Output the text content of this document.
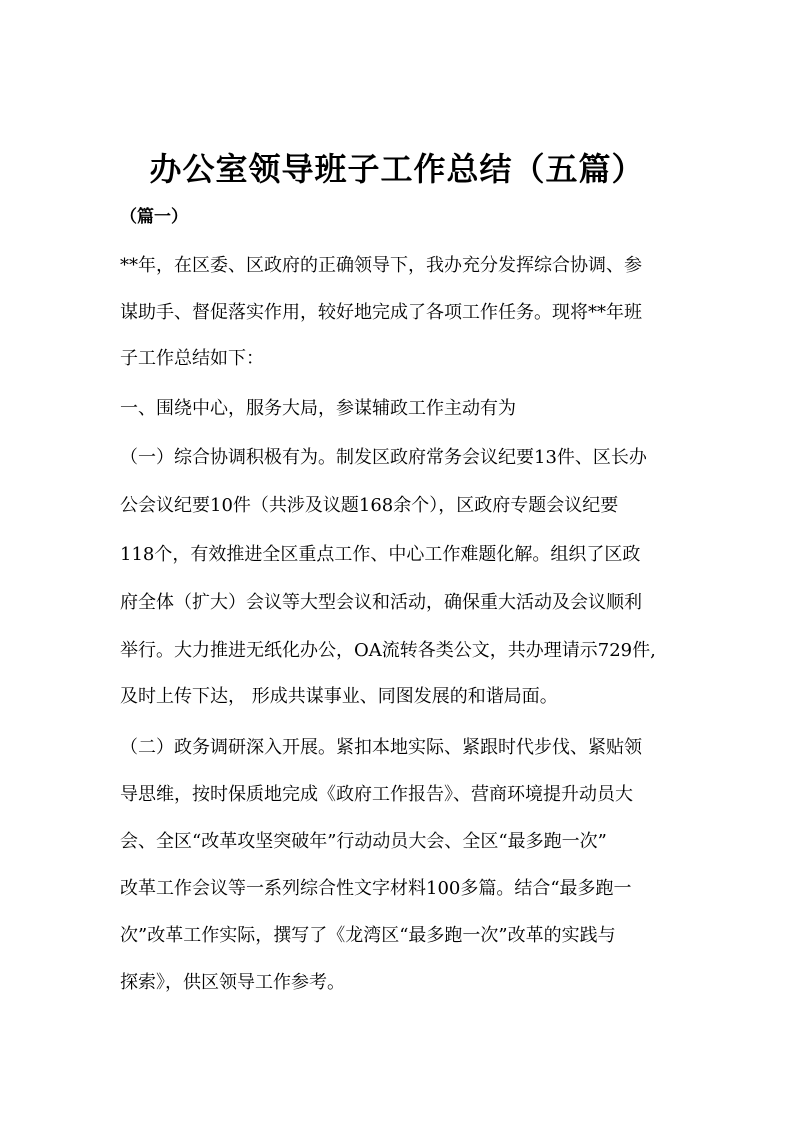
办公室领导班子工作总结（五篇）
（篇一）
**年，在区委、区政府的正确领导下，我办充分发挥综合协调、参
谋助手、督促落实作用，较好地完成了各项工作任务。现将**年班
子工作总结如下：
一、围绕中心，服务大局，参谋辅政工作主动有为
（一）综合协调积极有为。制发区政府常务会议纪要13件、区长办
公会议纪要10件（共涉及议题168余个），区政府专题会议纪要
118个，有效推进全区重点工作、中心工作难题化解。组织了区政
府全体（扩大）会议等大型会议和活动，确保重大活动及会议顺利
举行。大力推进无纸化办公，OA流转各类公文，共办理请示729件,
及时上传下达， 形成共谋事业、同图发展的和谐局面。
（二）政务调研深入开展。紧扣本地实际、紧跟时代步伐、紧贴领
导思维，按时保质地完成《政府工作报告》、营商环境提升动员大
会、全区“改革攻坚突破年”行动动员大会、全区“最多跑一次”
改革工作会议等一系列综合性文字材料100多篇。结合“最多跑一
次”改革工作实际，撰写了《龙湾区“最多跑一次”改革的实践与
探索》，供区领导工作参考。
